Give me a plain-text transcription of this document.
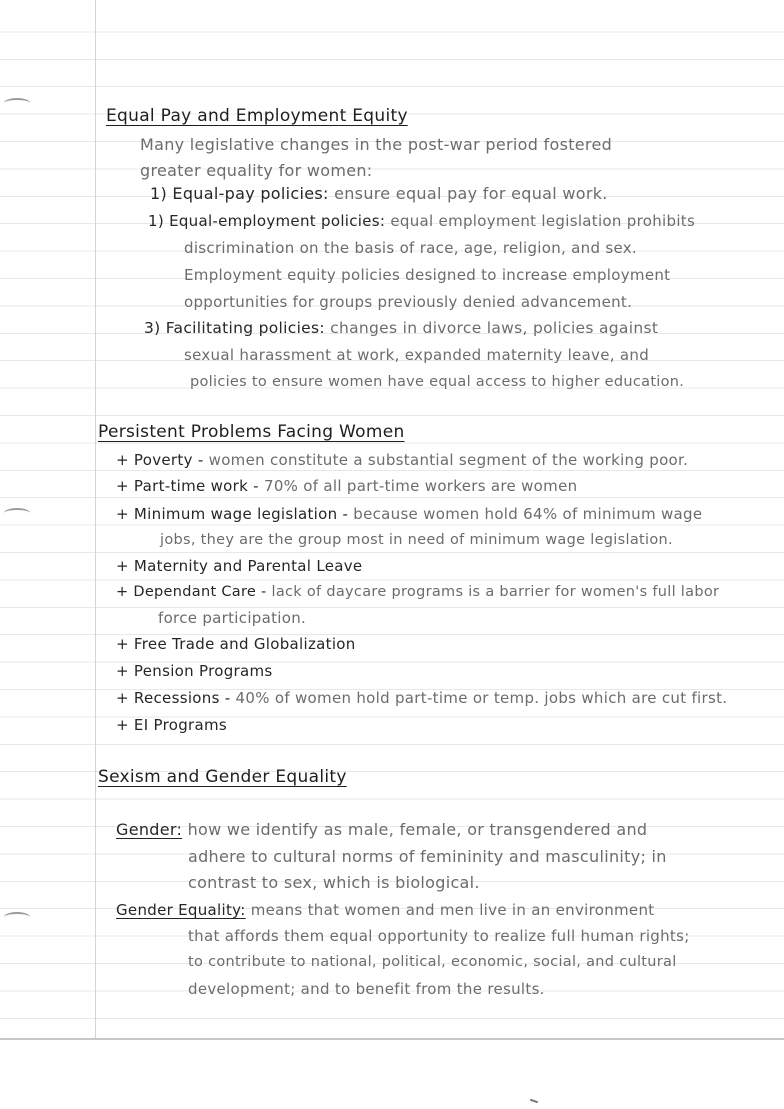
Equal Pay and Employment Equity
Many legislative changes in the post-war period fostered
greater equality for women:
1) Equal-pay policies: ensure equal pay for equal work.
1) Equal-employment policies: equal employment legislation prohibits
discrimination on the basis of race, age, religion, and sex.
Employment equity policies designed to increase employment
opportunities for groups previously denied advancement.
3) Facilitating policies: changes in divorce laws, policies against
sexual harassment at work, expanded maternity leave, and
policies to ensure women have equal access to higher education.
Persistent Problems Facing Women
+ Poverty - women constitute a substantial segment of the working poor.
+ Part-time work - 70% of all part-time workers are women
+ Minimum wage legislation - because women hold 64% of minimum wage
jobs, they are the group most in need of minimum wage legislation.
+ Maternity and Parental Leave
+ Dependant Care - lack of daycare programs is a barrier for women's full labor
force participation.
+ Free Trade and Globalization
+ Pension Programs
+ Recessions - 40% of women hold part-time or temp. jobs which are cut first.
+ EI Programs
Sexism and Gender Equality
Gender: how we identify as male, female, or transgendered and
adhere to cultural norms of femininity and masculinity; in
contrast to sex, which is biological.
Gender Equality: means that women and men live in an environment
that affords them equal opportunity to realize full human rights;
to contribute to national, political, economic, social, and cultural
development; and to benefit from the results.
